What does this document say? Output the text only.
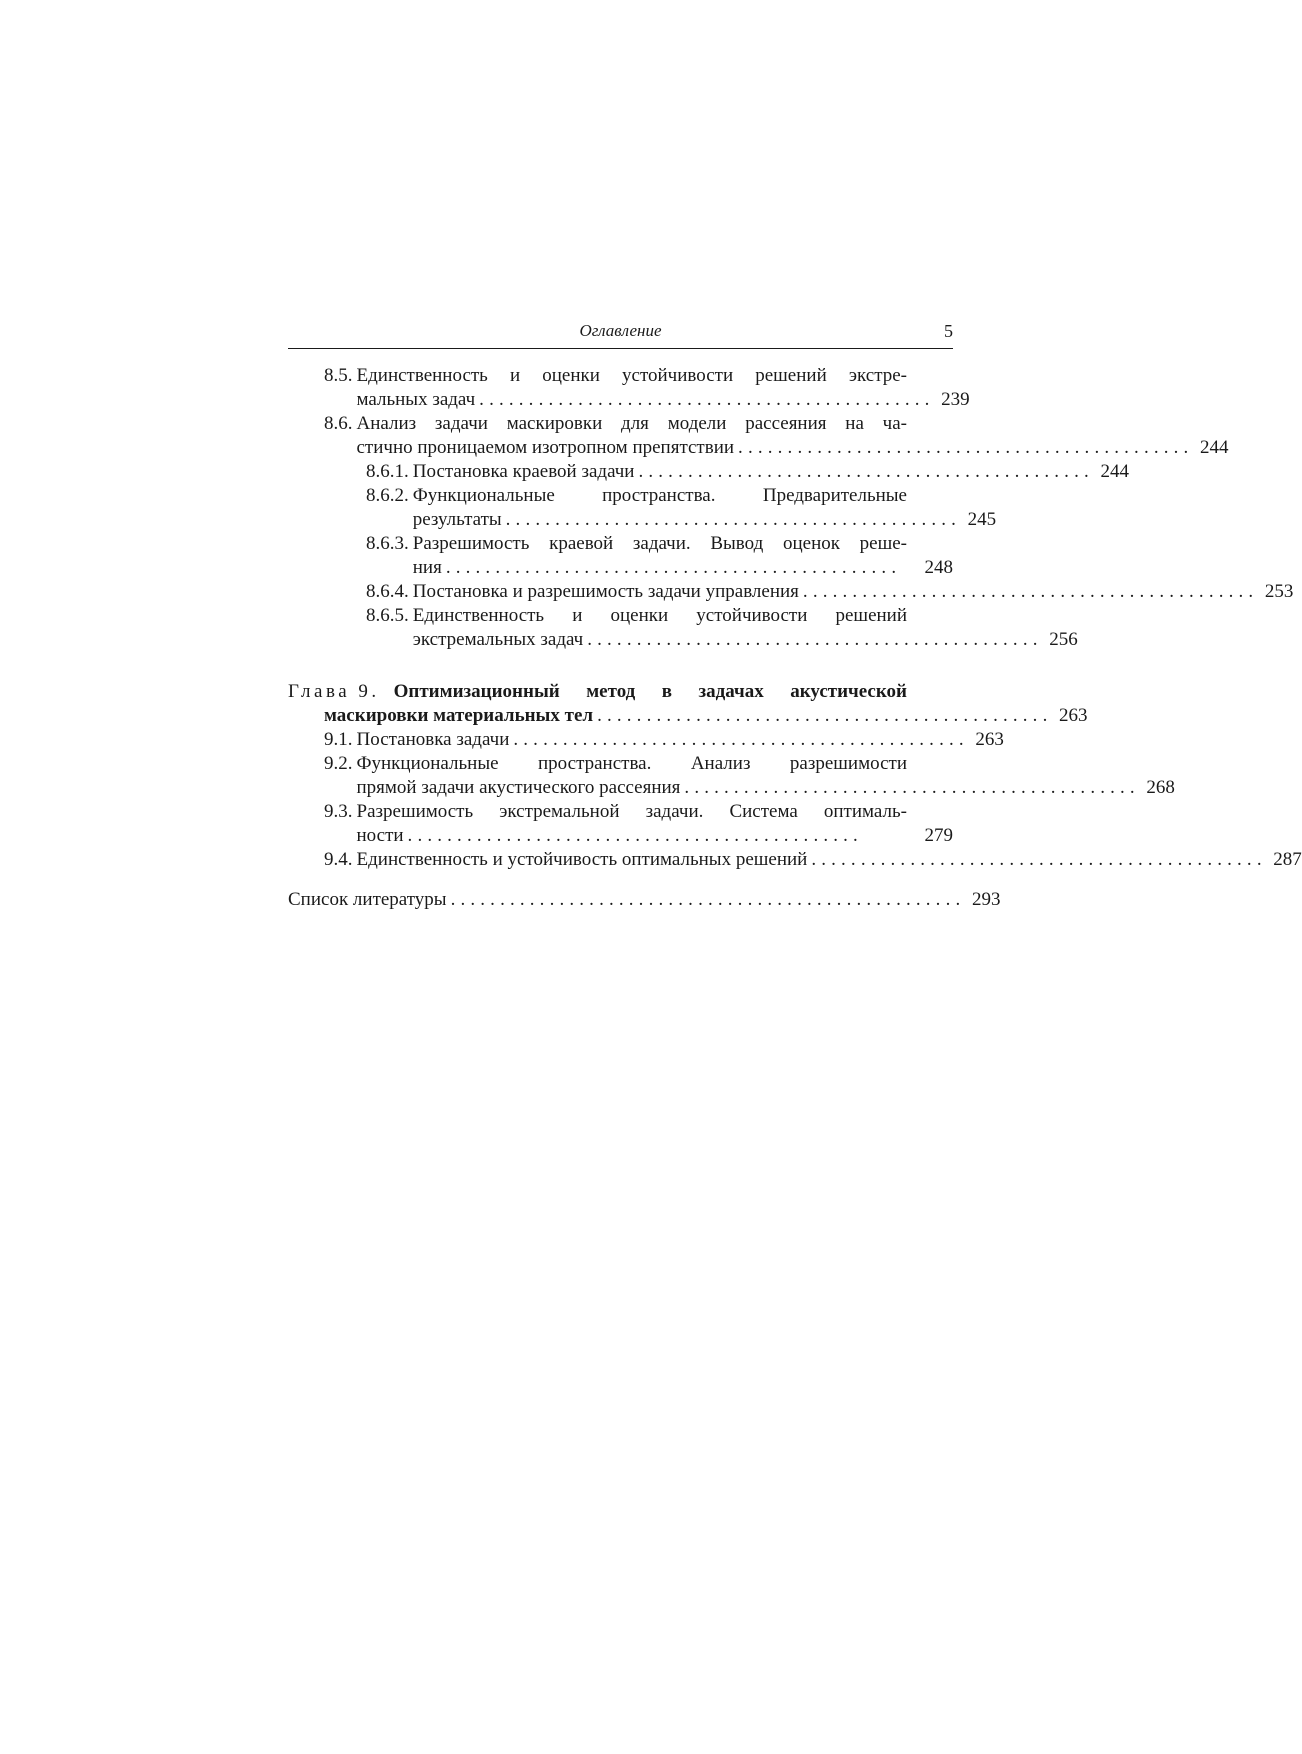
Оглавление	5
8.5. Единственность и оценки устойчивости решений экстре-
мальных задач . . . . . . . . . . . . . . . . . . . . . . . . . . . . . . . . . . . . . . . . . . . . . . 239
8.6. Анализ задачи маскировки для модели рассеяния на ча-
стично проницаемом изотропном препятствии . . . . . . . . . . . . . . . . . . . . . . . . . . . . . . . . . . . . . . . . . . . . . . 244
8.6.1. Постановка краевой задачи . . . . . . . . . . . . . . . . . . . . . . . . . . . . . . . . . . . . . . . . . . . . . . 244
8.6.2. Функциональные пространства. Предварительные
результаты . . . . . . . . . . . . . . . . . . . . . . . . . . . . . . . . . . . . . . . . . . . . . . 245
8.6.3. Разрешимость краевой задачи. Вывод оценок реше-
ния . . . . . . . . . . . . . . . . . . . . . . . . . . . . . . . . . . . . . . . . . . . . . .	248
8.6.4. Постановка и разрешимость задачи управления . . . . . . . . . . . . . . . . . . . . . . . . . . . . . . . . . . . . . . . . . . . . . . 253
8.6.5. Единственность и оценки устойчивости решений
экстремальных задач . . . . . . . . . . . . . . . . . . . . . . . . . . . . . . . . . . . . . . . . . . . . . . 256
Глава 9. Оптимизационный метод в задачах акустической
маскировки материальных тел . . . . . . . . . . . . . . . . . . . . . . . . . . . . . . . . . . . . . . . . . . . . . . 263
9.1. Постановка задачи . . . . . . . . . . . . . . . . . . . . . . . . . . . . . . . . . . . . . . . . . . . . . . 263
9.2. Функциональные пространства. Анализ разрешимости
прямой задачи акустического рассеяния . . . . . . . . . . . . . . . . . . . . . . . . . . . . . . . . . . . . . . . . . . . . . . 268
9.3. Разрешимость экстремальной задачи. Система оптималь-
ности . . . . . . . . . . . . . . . . . . . . . . . . . . . . . . . . . . . . . . . . . . . . . .	279
9.4. Единственность и устойчивость оптимальных решений . . . . . . . . . . . . . . . . . . . . . . . . . . . . . . . . . . . . . . . . . . . . . . 287
Список литературы . . . . . . . . . . . . . . . . . . . . . . . . . . . . . . . . . . . . . . . . . . . . . . . . . . . . 293
